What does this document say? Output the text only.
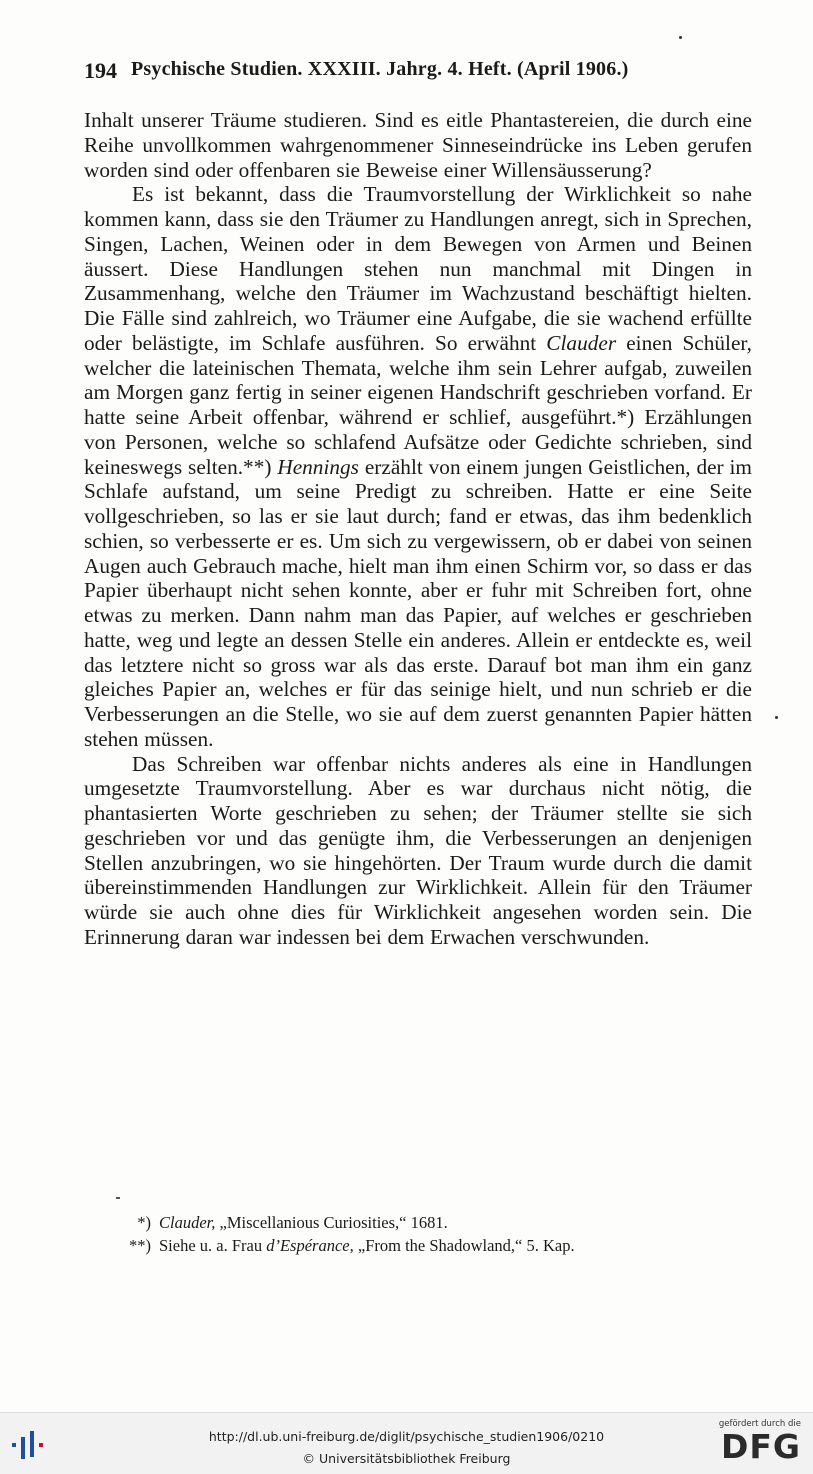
194 Psychische Studien. XXXIII. Jahrg. 4. Heft. (April 1906.)

Inhalt unserer Träume studieren. Sind es eitle Phantastereien, die durch eine Reihe unvollkommen wahrgenommener Sinneseindrücke ins Leben gerufen worden sind oder offenbaren sie Beweise einer Willensäusserung?

Es ist bekannt, dass die Traumvorstellung der Wirklichkeit so nahe kommen kann, dass sie den Träumer zu Handlungen anregt, sich in Sprechen, Singen, Lachen, Weinen oder in dem Bewegen von Armen und Beinen äussert. Diese Handlungen stehen nun manchmal mit Dingen in Zusammenhang, welche den Träumer im Wachzustand beschäftigt hielten. Die Fälle sind zahlreich, wo Träumer eine Aufgabe, die sie wachend erfüllte oder belästigte, im Schlafe ausführen. So erwähnt Clauder einen Schüler, welcher die lateinischen Themata, welche ihm sein Lehrer aufgab, zuweilen am Morgen ganz fertig in seiner eigenen Handschrift geschrieben vorfand. Er hatte seine Arbeit offenbar, während er schlief, ausgeführt.*) Erzählungen von Personen, welche so schlafend Aufsätze oder Gedichte schrieben, sind keineswegs selten.**) Hennings erzählt von einem jungen Geistlichen, der im Schlafe aufstand, um seine Predigt zu schreiben. Hatte er eine Seite vollgeschrieben, so las er sie laut durch; fand er etwas, das ihm bedenklich schien, so verbesserte er es. Um sich zu vergewissern, ob er dabei von seinen Augen auch Gebrauch mache, hielt man ihm einen Schirm vor, so dass er das Papier überhaupt nicht sehen konnte, aber er fuhr mit Schreiben fort, ohne etwas zu merken. Dann nahm man das Papier, auf welches er geschrieben hatte, weg und legte an dessen Stelle ein anderes. Allein er entdeckte es, weil das letztere nicht so gross war als das erste. Darauf bot man ihm ein ganz gleiches Papier an, welches er für das seinige hielt, und nun schrieb er die Verbesserungen an die Stelle, wo sie auf dem zuerst genannten Papier hätten stehen müssen.

Das Schreiben war offenbar nichts anderes als eine in Handlungen umgesetzte Traumvorstellung. Aber es war durchaus nicht nötig, die phantasierten Worte geschrieben zu sehen; der Träumer stellte sie sich geschrieben vor und das genügte ihm, die Verbesserungen an denjenigen Stellen anzubringen, wo sie hingehörten. Der Traum wurde durch die damit übereinstimmenden Handlungen zur Wirklichkeit. Allein für den Träumer würde sie auch ohne dies für Wirklichkeit angesehen worden sein. Die Erinnerung daran war indessen bei dem Erwachen verschwunden.

*) Clauder, „Miscellanious Curiosities,“ 1681.
**) Siehe u. a. Frau d’Espérance, „From the Shadowland,“ 5. Kap.
http://dl.ub.uni-freiburg.de/diglit/psychische_studien1906/0210
© Universitätsbibliothek Freiburg
gefördert durch die
DFG
